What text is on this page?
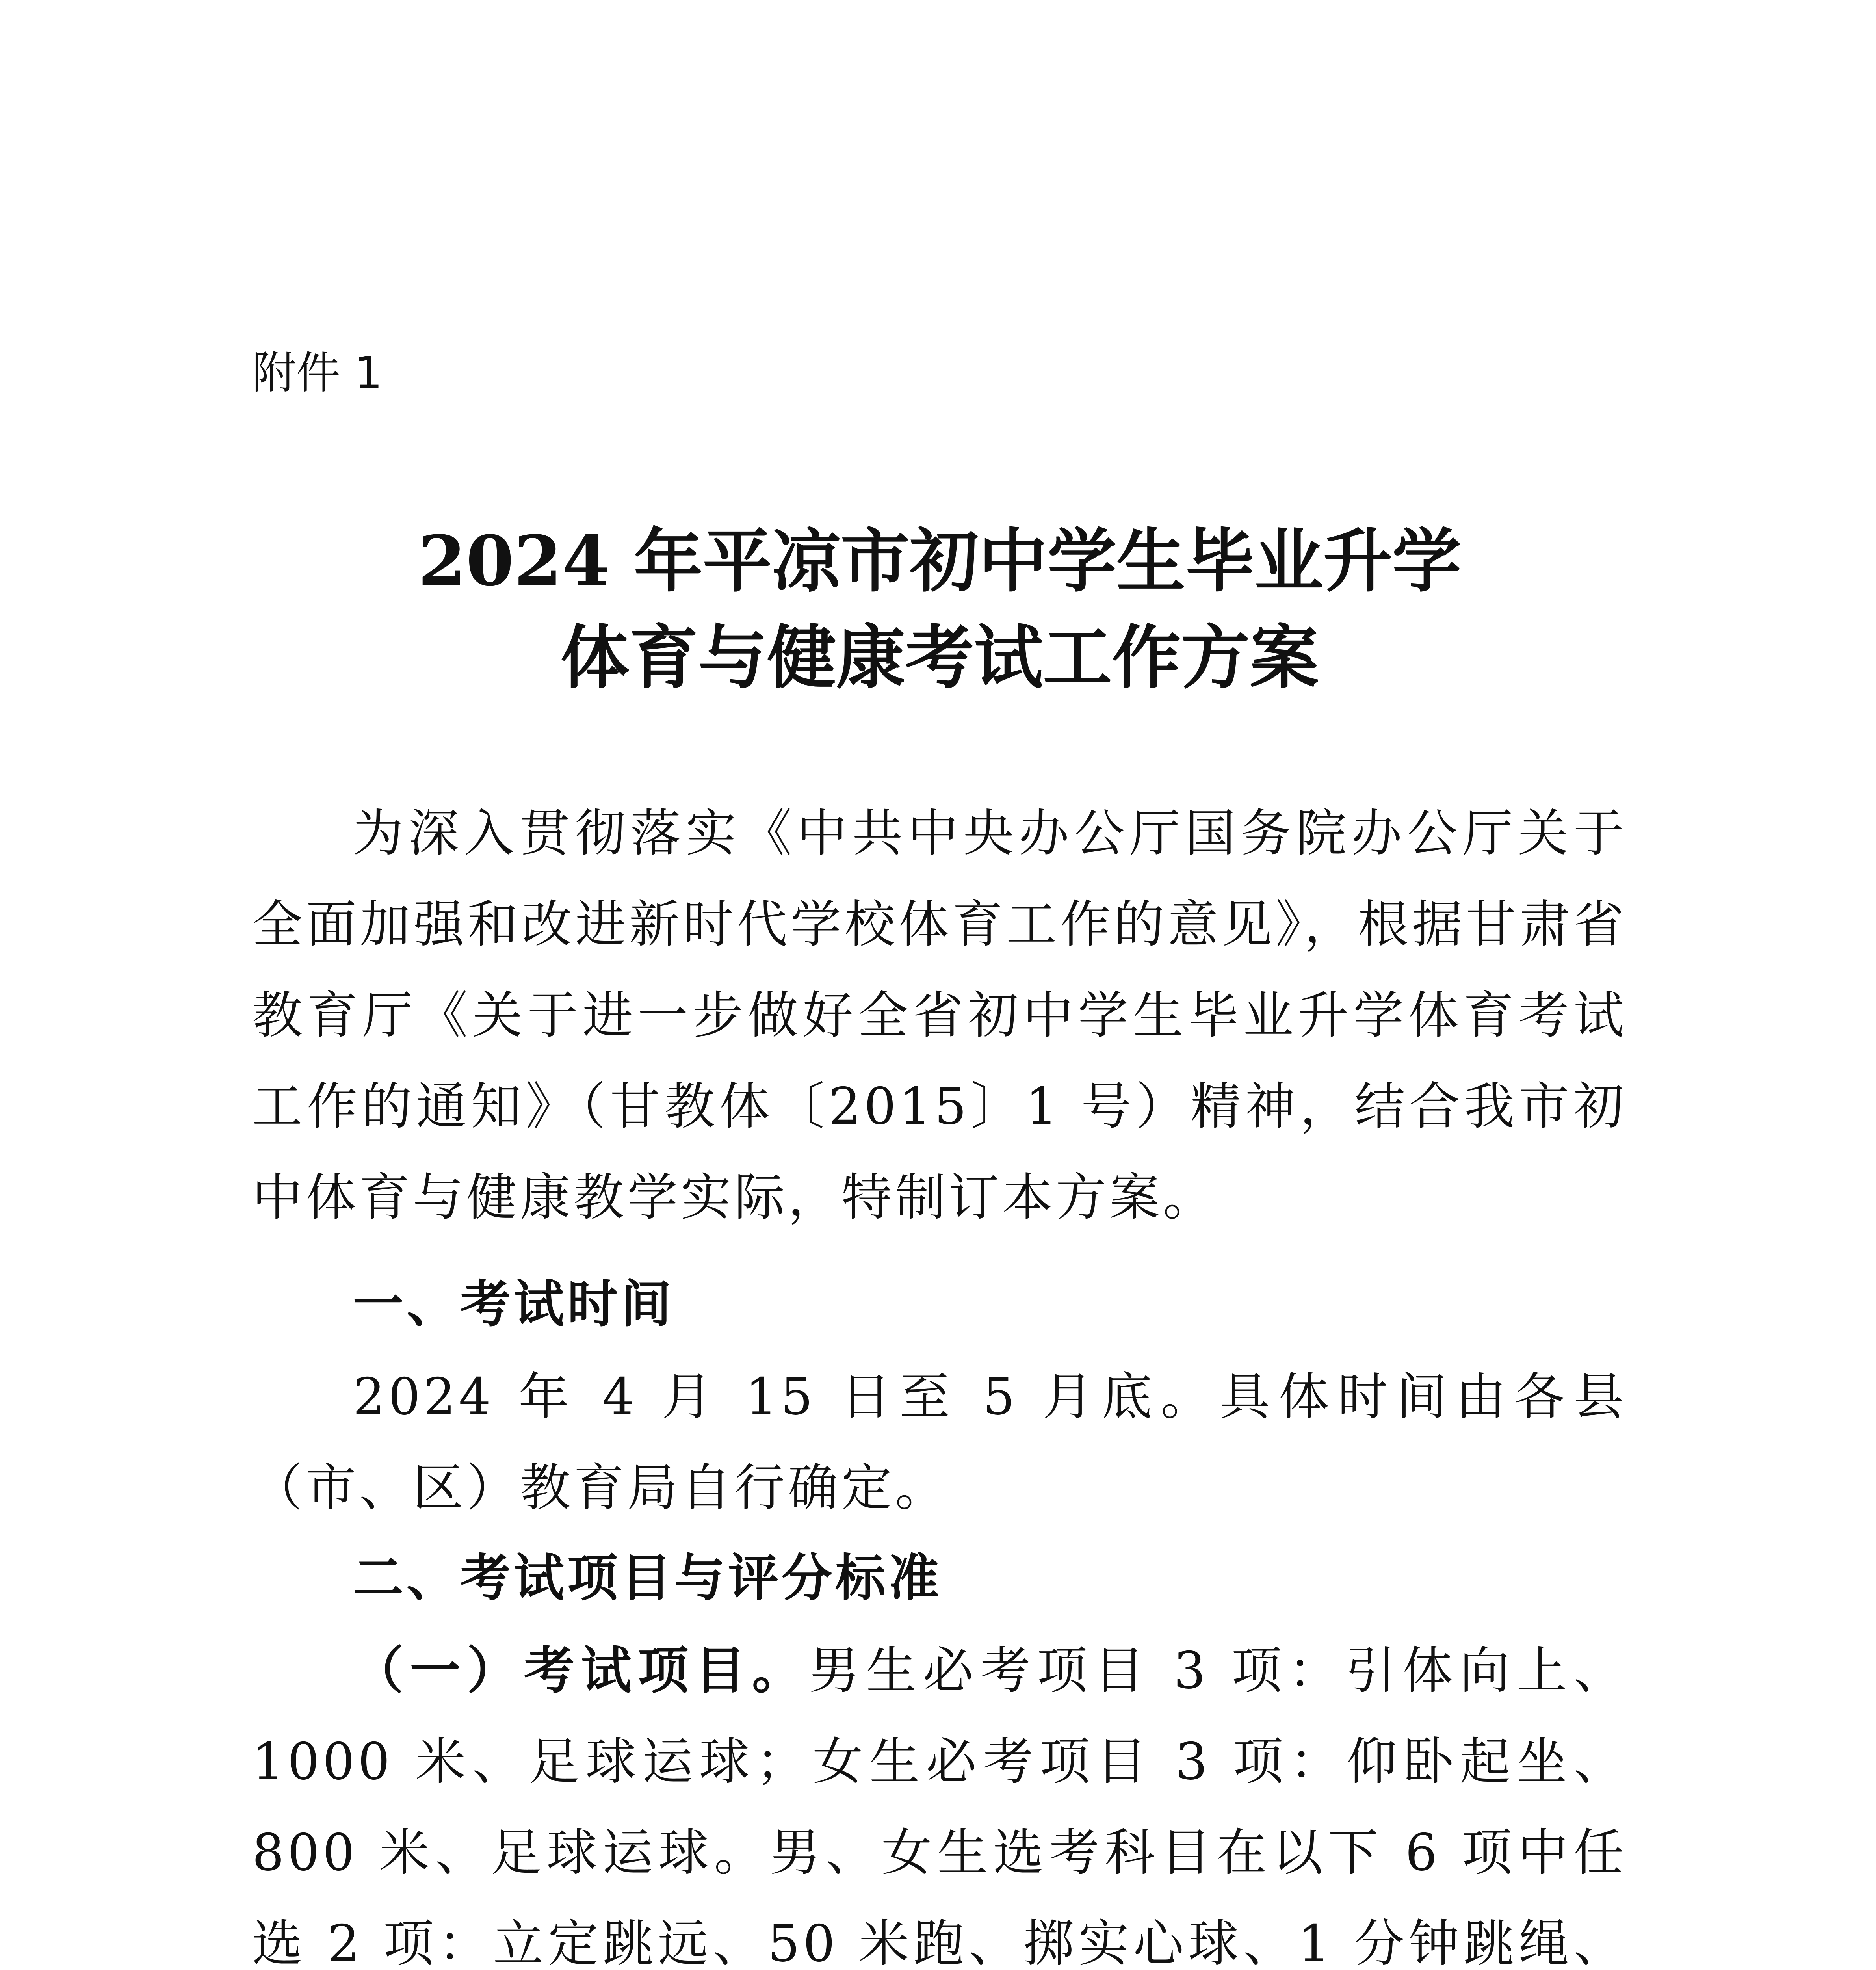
附件 1
2024 年平凉市初中学生毕业升学
体育与健康考试工作方案

为深入贯彻落实《中共中央办公厅国务院办公厅关于全面加强和改进新时代学校体育工作的意见》，根据甘肃省教育厅《关于进一步做好全省初中学生毕业升学体育考试工作的通知》（甘教体〔2015〕1 号）精神，结合我市初中体育与健康教学实际，特制订本方案。

一、考试时间

2024 年 4 月 15 日至 5 月底。具体时间由各县（市、区）教育局自行确定。

二、考试项目与评分标准

（一）考试项目。男生必考项目 3 项：引体向上、1000 米、足球运球；女生必考项目 3 项：仰卧起坐、800 米、足球运球。男、女生选考科目在以下 6 项中任选 2 项：立定跳远、50 米跑、掷实心球、1 分钟跳绳、
